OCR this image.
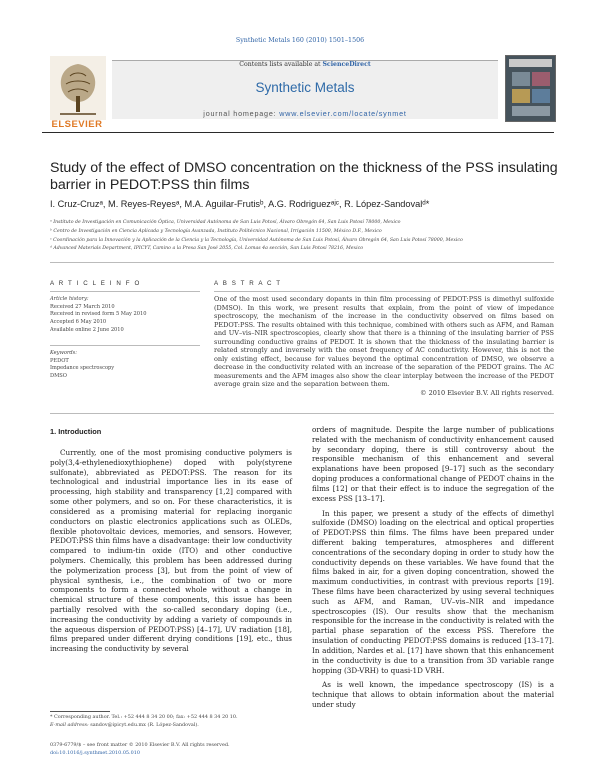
Synthetic Metals 160 (2010) 1501–1506
ELSEVIER
Contents lists available at ScienceDirect
Synthetic Metals
journal homepage: www.elsevier.com/locate/synmet
Study of the effect of DMSO concentration on the thickness of the PSS insulating barrier in PEDOT:PSS thin films
I. Cruz-Cruzᵃ, M. Reyes-Reyesᵃ, M.A. Aguilar-Frutisᵇ, A.G. Rodriguezᵃʲᶜ, R. López-Sandovalᵈ*
ᵃ Instituto de Investigación en Comunicación Óptica, Universidad Autónoma de San Luis Potosí, Álvaro Obregón 64, San Luis Potosí 78000, Mexico
ᵇ Centro de Investigación en Ciencia Aplicada y Tecnología Avanzada, Instituto Politécnico Nacional, Irrigación 11500, México D.F., Mexico
ᶜ Coordinación para la Innovación y la Aplicación de la Ciencia y la Tecnología, Universidad Autónoma de San Luis Potosí, Álvaro Obregón 64, San Luis Potosí 78000, Mexico
ᵈ Advanced Materials Department, IPICYT, Camino a la Presa San José 2055, Col. Lomas 4a sección, San Luis Potosí 78216, Mexico
A R T I C L E I N F O	A B S T R A C T
Article history:
Received 27 March 2010
Received in revised form 5 May 2010
Accepted 6 May 2010
Available online 2 June 2010
Keywords:
PEDOT
Impedance spectroscopy
DMSO
One of the most used secondary dopants in thin film processing of PEDOT:PSS is dimethyl sulfoxide (DMSO). In this work, we present results that explain, from the point of view of impedance spectroscopy, the mechanism of the increase in the conductivity observed on films based on PEDOT:PSS. The results obtained with this technique, combined with others such as AFM, and Raman and UV–vis–NIR spectroscopies, clearly show that there is a thinning of the insulating barrier of PSS surrounding conductive grains of PEDOT. It is shown that the thickness of the insulating barrier is related strongly and inversely with the onset frequency of AC conductivity. However, this is not the only existing effect, because for values beyond the optimal concentration of DMSO, we observe a decrease in the conductivity related with an increase of the separation of the PEDOT grains. The AC measurements and the AFM images also show the clear interplay between the increase of the PEDOT average grain size and the separation between them.
© 2010 Elsevier B.V. All rights reserved.
1. Introduction
Currently, one of the most promising conductive polymers is poly(3,4-ethylenedioxythiophene) doped with poly(styrene sulfonate), abbreviated as PEDOT:PSS. The reason for its technological and industrial importance lies in its ease of processing, high stability and transparency [1,2] compared with some other polymers, and so on. For these characteristics, it is considered as a promising material for replacing inorganic conductors on plastic electronics applications such as OLEDs, flexible photovoltaic devices, memories, and sensors. However, PEDOT:PSS thin films have a disadvantage: their low conductivity compared to indium-tin oxide (ITO) and other conductive polymers. Chemically, this problem has been addressed during the polymerization process [3], but from the point of view of physical synthesis, i.e., the combination of two or more components to form a connected whole without a change in chemical structure of these components, this issue has been partially resolved with the so-called secondary doping (i.e., increasing the conductivity by adding a variety of compounds in the aqueous dispersion of PEDOT:PSS) [4–17], UV radiation [18], films prepared under different drying conditions [19], etc., thus increasing the conductivity by several

orders of magnitude. Despite the large number of publications related with the mechanism of conductivity enhancement caused by secondary doping, there is still controversy about the responsible mechanism of this enhancement and several explanations have been proposed [9–17] such as the secondary doping produces a conformational change of PEDOT chains in the films [12] or that their effect is to induce the segregation of the excess PSS [13–17].

In this paper, we present a study of the effects of dimethyl sulfoxide (DMSO) loading on the electrical and optical properties of PEDOT:PSS thin films. The films have been prepared under different baking temperatures, atmospheres and different concentrations of the secondary doping in order to study how the conductivity depends on these variables. We have found that the films baked in air, for a given doping concentration, showed the maximum conductivities, in contrast with previous reports [19]. These films have been characterized by using several techniques such as AFM, and Raman, UV–vis–NIR and impedance spectroscopies (IS). Our results show that the mechanism responsible for the increase in the conductivity is related with the partial phase separation of the excess PSS. Therefore the insulation of conducting PEDOT:PSS domains is reduced [13–17]. In addition, Nardes et al. [17] have shown that this enhancement in the conductivity is due to a transition from 3D variable range hopping (3D-VRH) to quasi-1D VRH.

As is well known, the impedance spectroscopy (IS) is a technique that allows to obtain information about the material under study

* Corresponding author. Tel.: +52 444 8 34 20 00; fax: +52 444 8 34 20 10.
E-mail address: sandov@ipicyt.edu.mx (R. López-Sandoval).
0379-6779/$ – see front matter © 2010 Elsevier B.V. All rights reserved.
doi:10.1016/j.synthmet.2010.05.010
